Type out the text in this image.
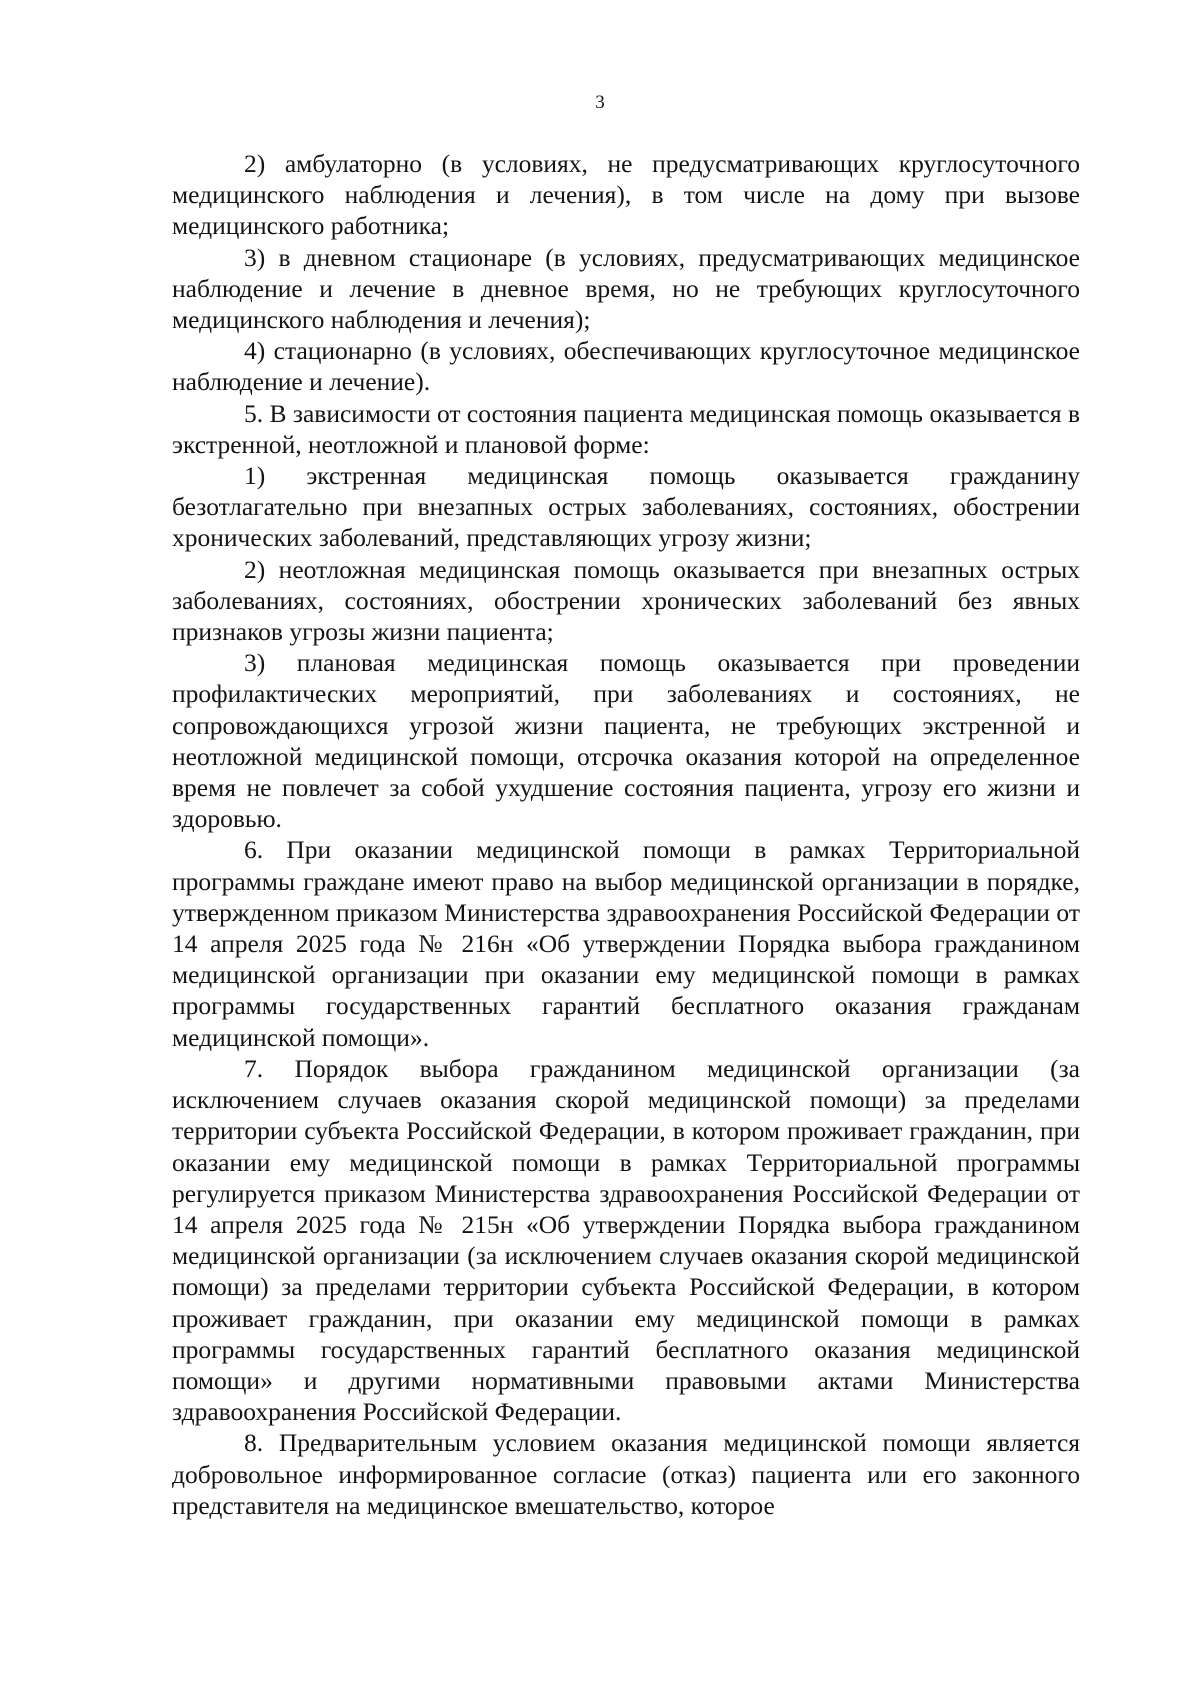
3

2) амбулаторно (в условиях, не предусматривающих круглосуточного медицинского наблюдения и лечения), в том числе на дому при вызове медицинского работника;

3) в дневном стационаре (в условиях, предусматривающих медицинское наблюдение и лечение в дневное время, но не требующих круглосуточного медицинского наблюдения и лечения);

4) стационарно (в условиях, обеспечивающих круглосуточное медицинское наблюдение и лечение).

5. В зависимости от состояния пациента медицинская помощь оказывается в экстренной, неотложной и плановой форме:

1) экстренная медицинская помощь оказывается гражданину безотлагательно при внезапных острых заболеваниях, состояниях, обострении хронических заболеваний, представляющих угрозу жизни;

2) неотложная медицинская помощь оказывается при внезапных острых заболеваниях, состояниях, обострении хронических заболеваний без явных признаков угрозы жизни пациента;

3) плановая медицинская помощь оказывается при проведении профилактических мероприятий, при заболеваниях и состояниях, не сопровождающихся угрозой жизни пациента, не требующих экстренной и неотложной медицинской помощи, отсрочка оказания которой на определенное время не повлечет за собой ухудшение состояния пациента, угрозу его жизни и здоровью.

6. При оказании медицинской помощи в рамках Территориальной программы граждане имеют право на выбор медицинской организации в порядке, утвержденном приказом Министерства здравоохранения Российской Федерации от 14 апреля 2025 года № 216н «Об утверждении Порядка выбора гражданином медицинской организации при оказании ему медицинской помощи в рамках программы государственных гарантий бесплатного оказания гражданам медицинской помощи».

7. Порядок выбора гражданином медицинской организации (за исключением случаев оказания скорой медицинской помощи) за пределами территории субъекта Российской Федерации, в котором проживает гражданин, при оказании ему медицинской помощи в рамках Территориальной программы регулируется приказом Министерства здравоохранения Российской Федерации от 14 апреля 2025 года № 215н «Об утверждении Порядка выбора гражданином медицинской организации (за исключением случаев оказания скорой медицинской помощи) за пределами территории субъекта Российской Федерации, в котором проживает гражданин, при оказании ему медицинской помощи в рамках программы государственных гарантий бесплатного оказания медицинской помощи» и другими нормативными правовыми актами Министерства здравоохранения Российской Федерации.

8. Предварительным условием оказания медицинской помощи является добровольное информированное согласие (отказ) пациента или его законного представителя на медицинское вмешательство, которое
